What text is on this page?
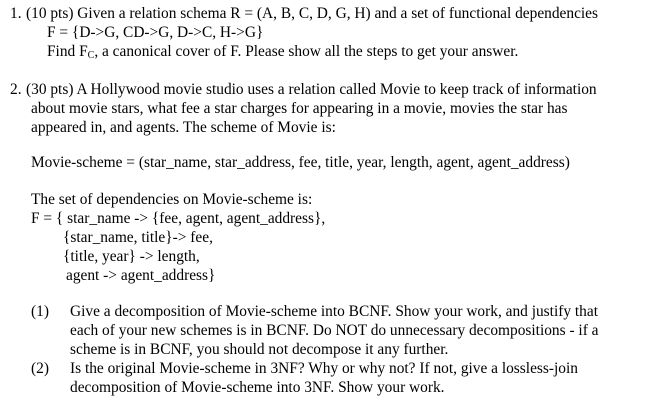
1. (10 pts) Given a relation schema R = (A, B, C, D, G, H) and a set of functional dependencies
F = {D->G, CD->G, D->C, H->G}
Find $F_C$, a canonical cover of F. Please show all the steps to get your answer.
2. (30 pts) A Hollywood movie studio uses a relation called Movie to keep track of information
about movie stars, what fee a star charges for appearing in a movie, movies the star has
appeared in, and agents. The scheme of Movie is:
Movie-scheme = (star_name, star_address, fee, title, year, length, agent, agent_address)
The set of dependencies on Movie-scheme is:
F = { star_name -> {fee, agent, agent_address},
{star_name, title}-> fee,
{title, year} -> length,
agent -> agent_address}
(1) Give a decomposition of Movie-scheme into BCNF. Show your work, and justify that
each of your new schemes is in BCNF. Do NOT do unnecessary decompositions - if a
scheme is in BCNF, you should not decompose it any further.
(2) Is the original Movie-scheme in 3NF? Why or why not? If not, give a lossless-join
decomposition of Movie-scheme into 3NF. Show your work.
